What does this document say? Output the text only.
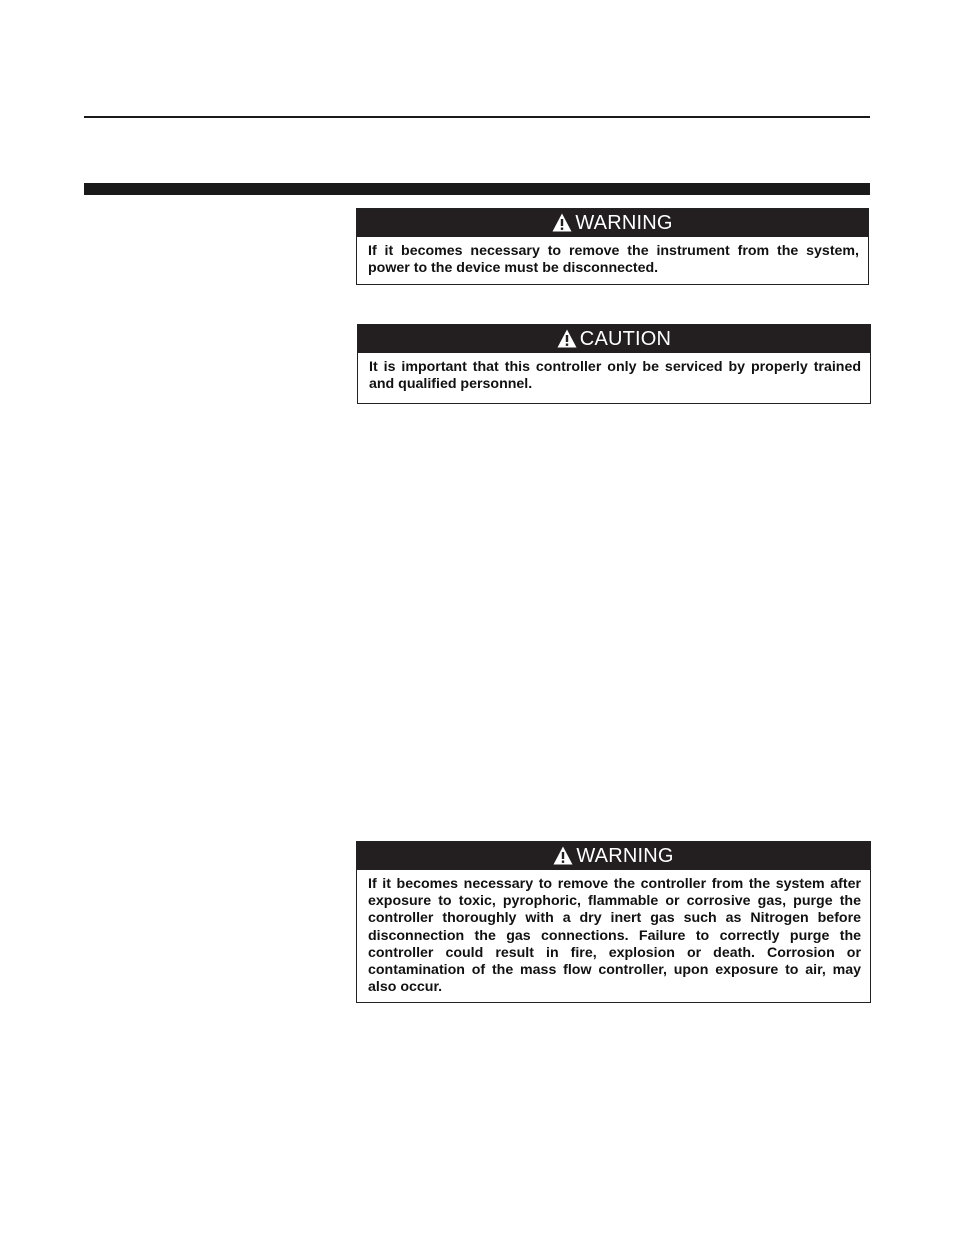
WARNING
If it becomes necessary to remove the instrument from the system, power to the device must be disconnected.
CAUTION
It is important that this controller only be serviced by properly trained and qualified personnel.
WARNING
If it becomes necessary to remove the controller from the system after exposure to toxic, pyrophoric, flammable or corrosive gas, purge the controller thoroughly with a dry inert gas such as Nitrogen before disconnection the gas connections. Failure to correctly purge the controller could result in fire, explosion or death. Corrosion or contamination of the mass flow controller, upon exposure to air, may also occur.
